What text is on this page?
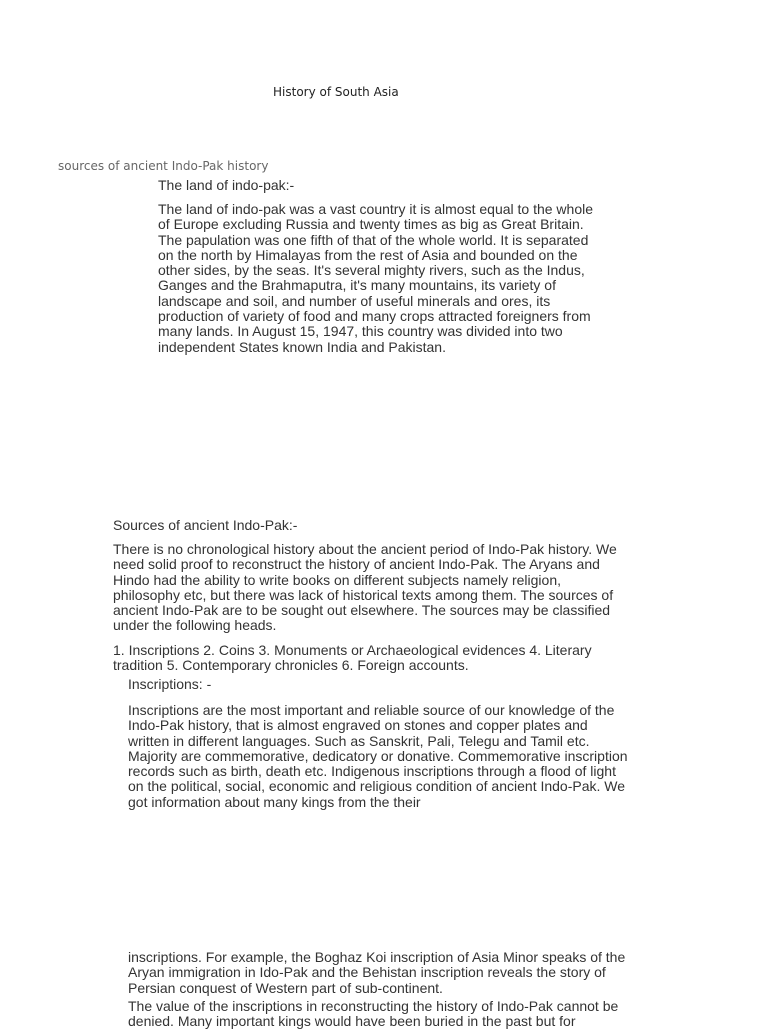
History of South Asia
sources of ancient Indo-Pak history
The land of indo-pak:-

The land of indo-pak was a vast country it is almost equal to the whole of Europe excluding Russia and twenty times as big as Great Britain. The papulation was one fifth of that of the whole world. It is separated on the north by Himalayas from the rest of Asia and bounded on the other sides, by the seas. It's several mighty rivers, such as the Indus, Ganges and the Brahmaputra, it's many mountains, its variety of landscape and soil, and number of useful minerals and ores, its production of variety of food and many crops attracted foreigners from many lands. In August 15, 1947, this country was divided into two independent States known India and Pakistan.

Sources of ancient Indo-Pak:-

There is no chronological history about the ancient period of Indo-Pak history. We need solid proof to reconstruct the history of ancient Indo-Pak. The Aryans and Hindo had the ability to write books on different subjects namely religion, philosophy etc, but there was lack of historical texts among them. The sources of ancient Indo-Pak are to be sought out elsewhere. The sources may be classified under the following heads.

1. Inscriptions 2. Coins 3. Monuments or Archaeological evidences 4. Literary tradition 5. Contemporary chronicles 6. Foreign accounts.

Inscriptions: -

Inscriptions are the most important and reliable source of our knowledge of the Indo-Pak history, that is almost engraved on stones and copper plates and written in different languages. Such as Sanskrit, Pali, Telegu and Tamil etc. Majority are commemorative, dedicatory or donative. Commemorative inscription records such as birth, death etc. Indigenous inscriptions through a flood of light on the political, social, economic and religious condition of ancient Indo-Pak. We got information about many kings from the their

inscriptions. For example, the Boghaz Koi inscription of Asia Minor speaks of the Aryan immigration in Ido-Pak and the Behistan inscription reveals the story of Persian conquest of Western part of sub-continent.

The value of the inscriptions in reconstructing the history of Indo-Pak cannot be denied. Many important kings would have been buried in the past but for
